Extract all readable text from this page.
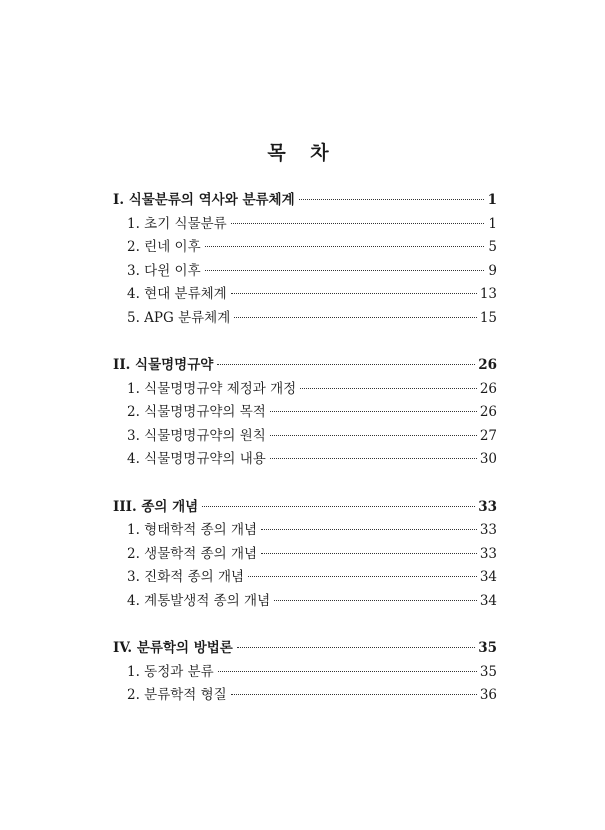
목 차
I. 식물분류의 역사와 분류체계	1
1. 초기 식물분류	1
2. 린네 이후	5
3. 다윈 이후	9
4. 현대 분류체계	13
5. APG 분류체계	15
II. 식물명명규약	26
1. 식물명명규약 제정과 개정	26
2. 식물명명규약의 목적	26
3. 식물명명규약의 원칙	27
4. 식물명명규약의 내용	30
III. 종의 개념	33
1. 형태학적 종의 개념	33
2. 생물학적 종의 개념	33
3. 진화적 종의 개념	34
4. 계통발생적 종의 개념	34
IV. 분류학의 방법론	35
1. 동정과 분류	35
2. 분류학적 형질	36
